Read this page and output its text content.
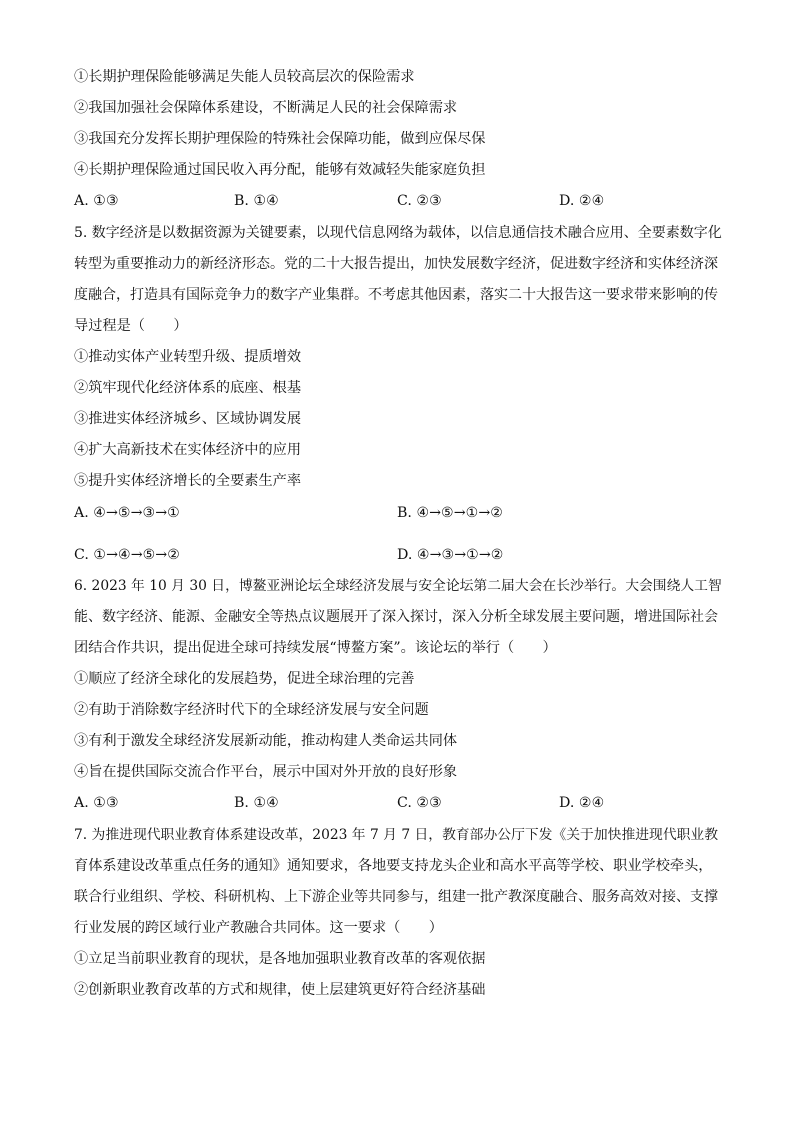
①长期护理保险能够满足失能人员较高层次的保险需求
②我国加强社会保障体系建设，不断满足人民的社会保障需求
③我国充分发挥长期护理保险的特殊社会保障功能，做到应保尽保
④长期护理保险通过国民收入再分配，能够有效减轻失能家庭负担
A. ①③	B. ①④	C. ②③	D. ②④
5. 数字经济是以数据资源为关键要素，以现代信息网络为载体，以信息通信技术融合应用、全要素数字化
转型为重要推动力的新经济形态。党的二十大报告提出，加快发展数字经济，促进数字经济和实体经济深
度融合，打造具有国际竞争力的数字产业集群。不考虑其他因素，落实二十大报告这一要求带来影响的传
导过程是（　　）
①推动实体产业转型升级、提质增效
②筑牢现代化经济体系的底座、根基
③推进实体经济城乡、区域协调发展
④扩大高新技术在实体经济中的应用
⑤提升实体经济增长的全要素生产率
A. ④→⑤→③→①	B. ④→⑤→①→②
C. ①→④→⑤→②	D. ④→③→①→②
6. 2023 年 10 月 30 日，博鳌亚洲论坛全球经济发展与安全论坛第二届大会在长沙举行。大会围绕人工智
能、数字经济、能源、金融安全等热点议题展开了深入探讨，深入分析全球发展主要问题，增进国际社会
团结合作共识，提出促进全球可持续发展“博鳌方案”。该论坛的举行（　　）
①顺应了经济全球化的发展趋势，促进全球治理的完善
②有助于消除数字经济时代下的全球经济发展与安全问题
③有利于激发全球经济发展新动能，推动构建人类命运共同体
④旨在提供国际交流合作平台，展示中国对外开放的良好形象
A. ①③	B. ①④	C. ②③	D. ②④
7. 为推进现代职业教育体系建设改革，2023 年 7 月 7 日，教育部办公厅下发《关于加快推进现代职业教
育体系建设改革重点任务的通知》通知要求，各地要支持龙头企业和高水平高等学校、职业学校牵头，
联合行业组织、学校、科研机构、上下游企业等共同参与，组建一批产教深度融合、服务高效对接、支撑
行业发展的跨区域行业产教融合共同体。这一要求（　　）
①立足当前职业教育的现状，是各地加强职业教育改革的客观依据
②创新职业教育改革的方式和规律，使上层建筑更好符合经济基础
